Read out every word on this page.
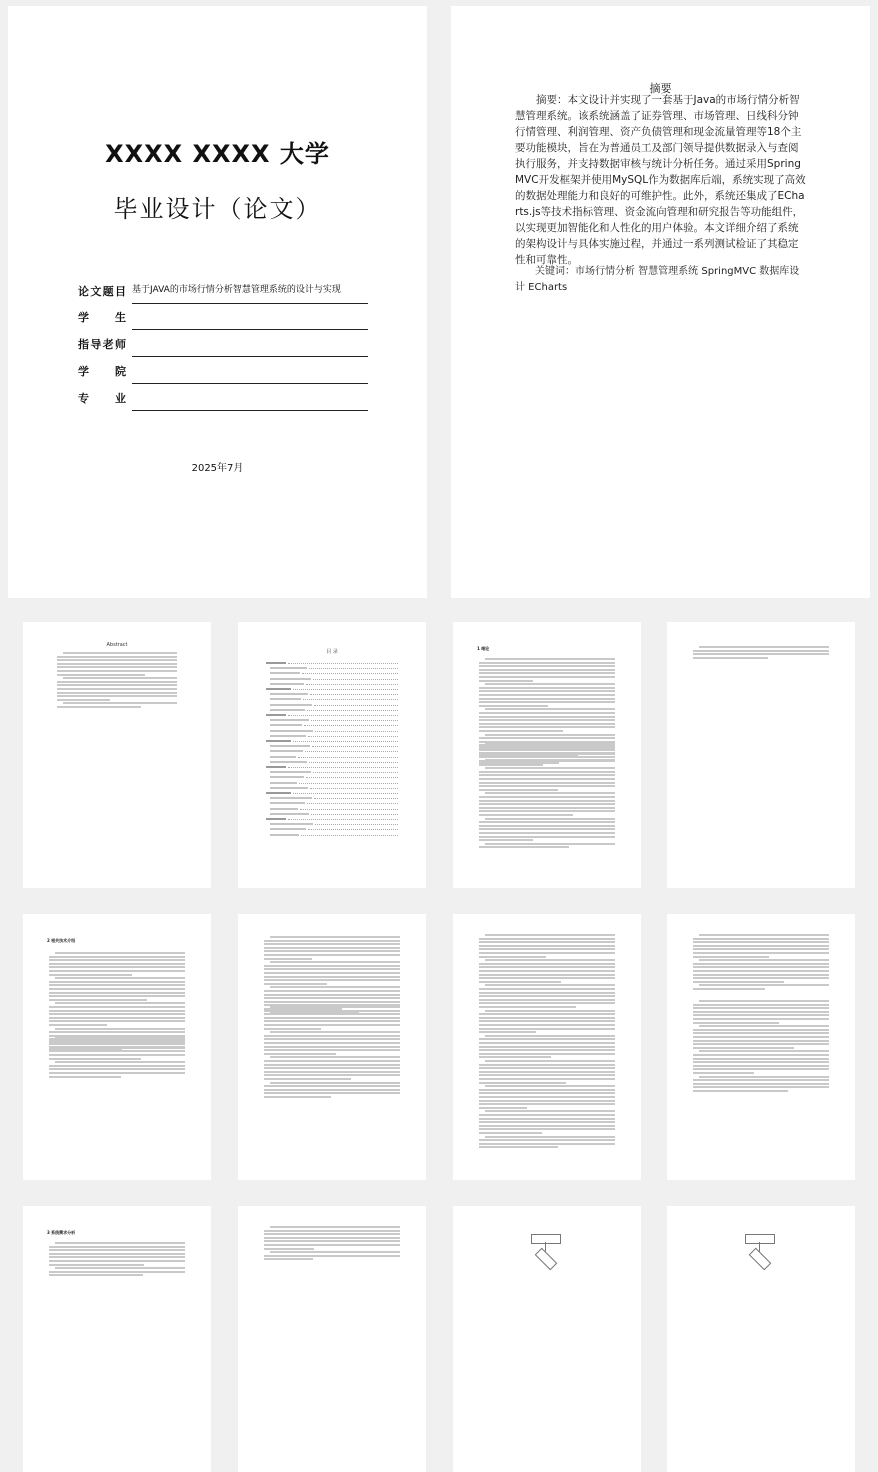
XXXX XXXX 大学
毕业设计（论文）
论文题目 基于JAVA的市场行情分析智慧管理系统的设计与实现
学生
指导老师
学院
专业
2025年7月
摘要
摘要：本文设计并实现了一套基于Java的市场行情分析智慧管理系统。该系统涵盖了证券管理、市场管理、日线科分钟行情管理、利润管理、资产负债管理和现金流量管理等18个主要功能模块，旨在为普通员工及部门领导提供数据录入与查阅执行服务，并支持数据审核与统计分析任务。通过采用SpringMVC开发框架并使用MySQL作为数据库后端，系统实现了高效的数据处理能力和良好的可维护性。此外，系统还集成了ECharts.js等技术指标管理、资金流向管理和研究报告等功能组件，以实现更加智能化和人性化的用户体验。本文详细介绍了系统的架构设计与具体实施过程，并通过一系列测试检证了其稳定性和可靠性。
关键词：市场行情分析 智慧管理系统 SpringMVC 数据库设计 ECharts
Abstract
目 录
1 绪论
2 相关技术介绍
3 系统需求分析
